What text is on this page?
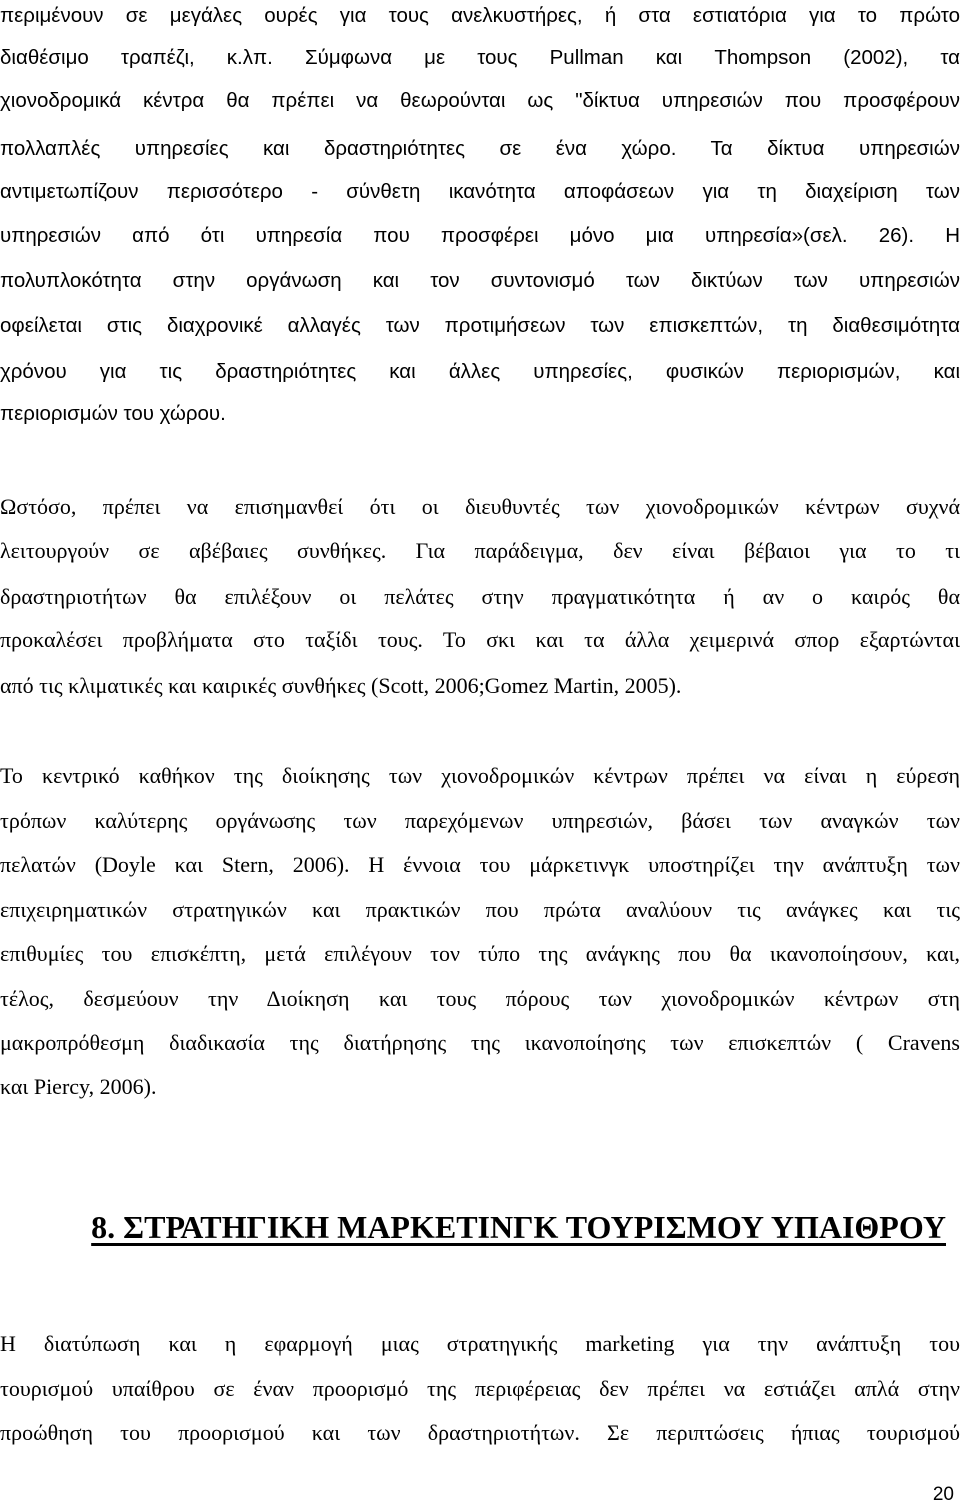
περιμένουν σε μεγάλες ουρές για τους ανελκυστήρες, ή στα εστιατόρια για το πρώτο
διαθέσιμο τραπέζι, κ.λπ. Σύμφωνα με τους Pullman και Thompson (2002), τα
χιονοδρομικά κέντρα θα πρέπει να θεωρούνται ως "δίκτυα υπηρεσιών που προσφέρουν
πολλαπλές υπηρεσίες και δραστηριότητες σε ένα χώρο. Τα δίκτυα υπηρεσιών
αντιμετωπίζουν περισσότερο - σύνθετη ικανότητα αποφάσεων για τη διαχείριση των
υπηρεσιών από ότι υπηρεσία που προσφέρει μόνο μια υπηρεσία»(σελ. 26). Η
πολυπλοκότητα στην οργάνωση και τον συντονισμό των δικτύων των υπηρεσιών
οφείλεται στις διαχρονικέ αλλαγές των προτιμήσεων των επισκεπτών, τη διαθεσιμότητα
χρόνου για τις δραστηριότητες και άλλες υπηρεσίες, φυσικών περιορισμών, και
περιορισμών του χώρου.
Ωστόσο, πρέπει να επισημανθεί ότι οι διευθυντές των χιονοδρομικών κέντρων συχνά
λειτουργούν σε αβέβαιες συνθήκες. Για παράδειγμα, δεν είναι βέβαιοι για το τι
δραστηριοτήτων θα επιλέξουν οι πελάτες στην πραγματικότητα ή αν ο καιρός θα
προκαλέσει προβλήματα στο ταξίδι τους. Το σκι και τα άλλα χειμερινά σπορ εξαρτώνται
από τις κλιματικές και καιρικές συνθήκες (Scott, 2006;Gomez Martin, 2005).
Το κεντρικό καθήκον της διοίκησης των χιονοδρομικών κέντρων πρέπει να είναι η εύρεση
τρόπων καλύτερης οργάνωσης των παρεχόμενων υπηρεσιών, βάσει των αναγκών των
πελατών (Doyle και Stern, 2006). Η έννοια του μάρκετινγκ υποστηρίζει την ανάπτυξη των
επιχειρηματικών στρατηγικών και πρακτικών που πρώτα αναλύουν τις ανάγκες και τις
επιθυμίες του επισκέπτη, μετά επιλέγουν τον τύπο της ανάγκης που θα ικανοποίησουν, και,
τέλος, δεσμεύουν την Διοίκηση και τους πόρους των χιονοδρομικών κέντρων στη
μακροπρόθεσμη διαδικασία της διατήρησης της ικανοποίησης των επισκεπτών ( Cravens
και Piercy, 2006).
8. ΣΤΡΑΤΗΓΙΚΗ ΜΑΡΚΕΤΙΝΓΚ ΤΟΥΡΙΣΜΟΥ ΥΠΑΙΘΡΟΥ
Η διατύπωση και η εφαρμογή μιας στρατηγικής marketing για την ανάπτυξη του
τουρισμού υπαίθρου σε έναν προορισμό της περιφέρειας δεν πρέπει να εστιάζει απλά στην
προώθηση του προορισμού και των δραστηριοτήτων. Σε περιπτώσεις ήπιας τουρισμού
20
